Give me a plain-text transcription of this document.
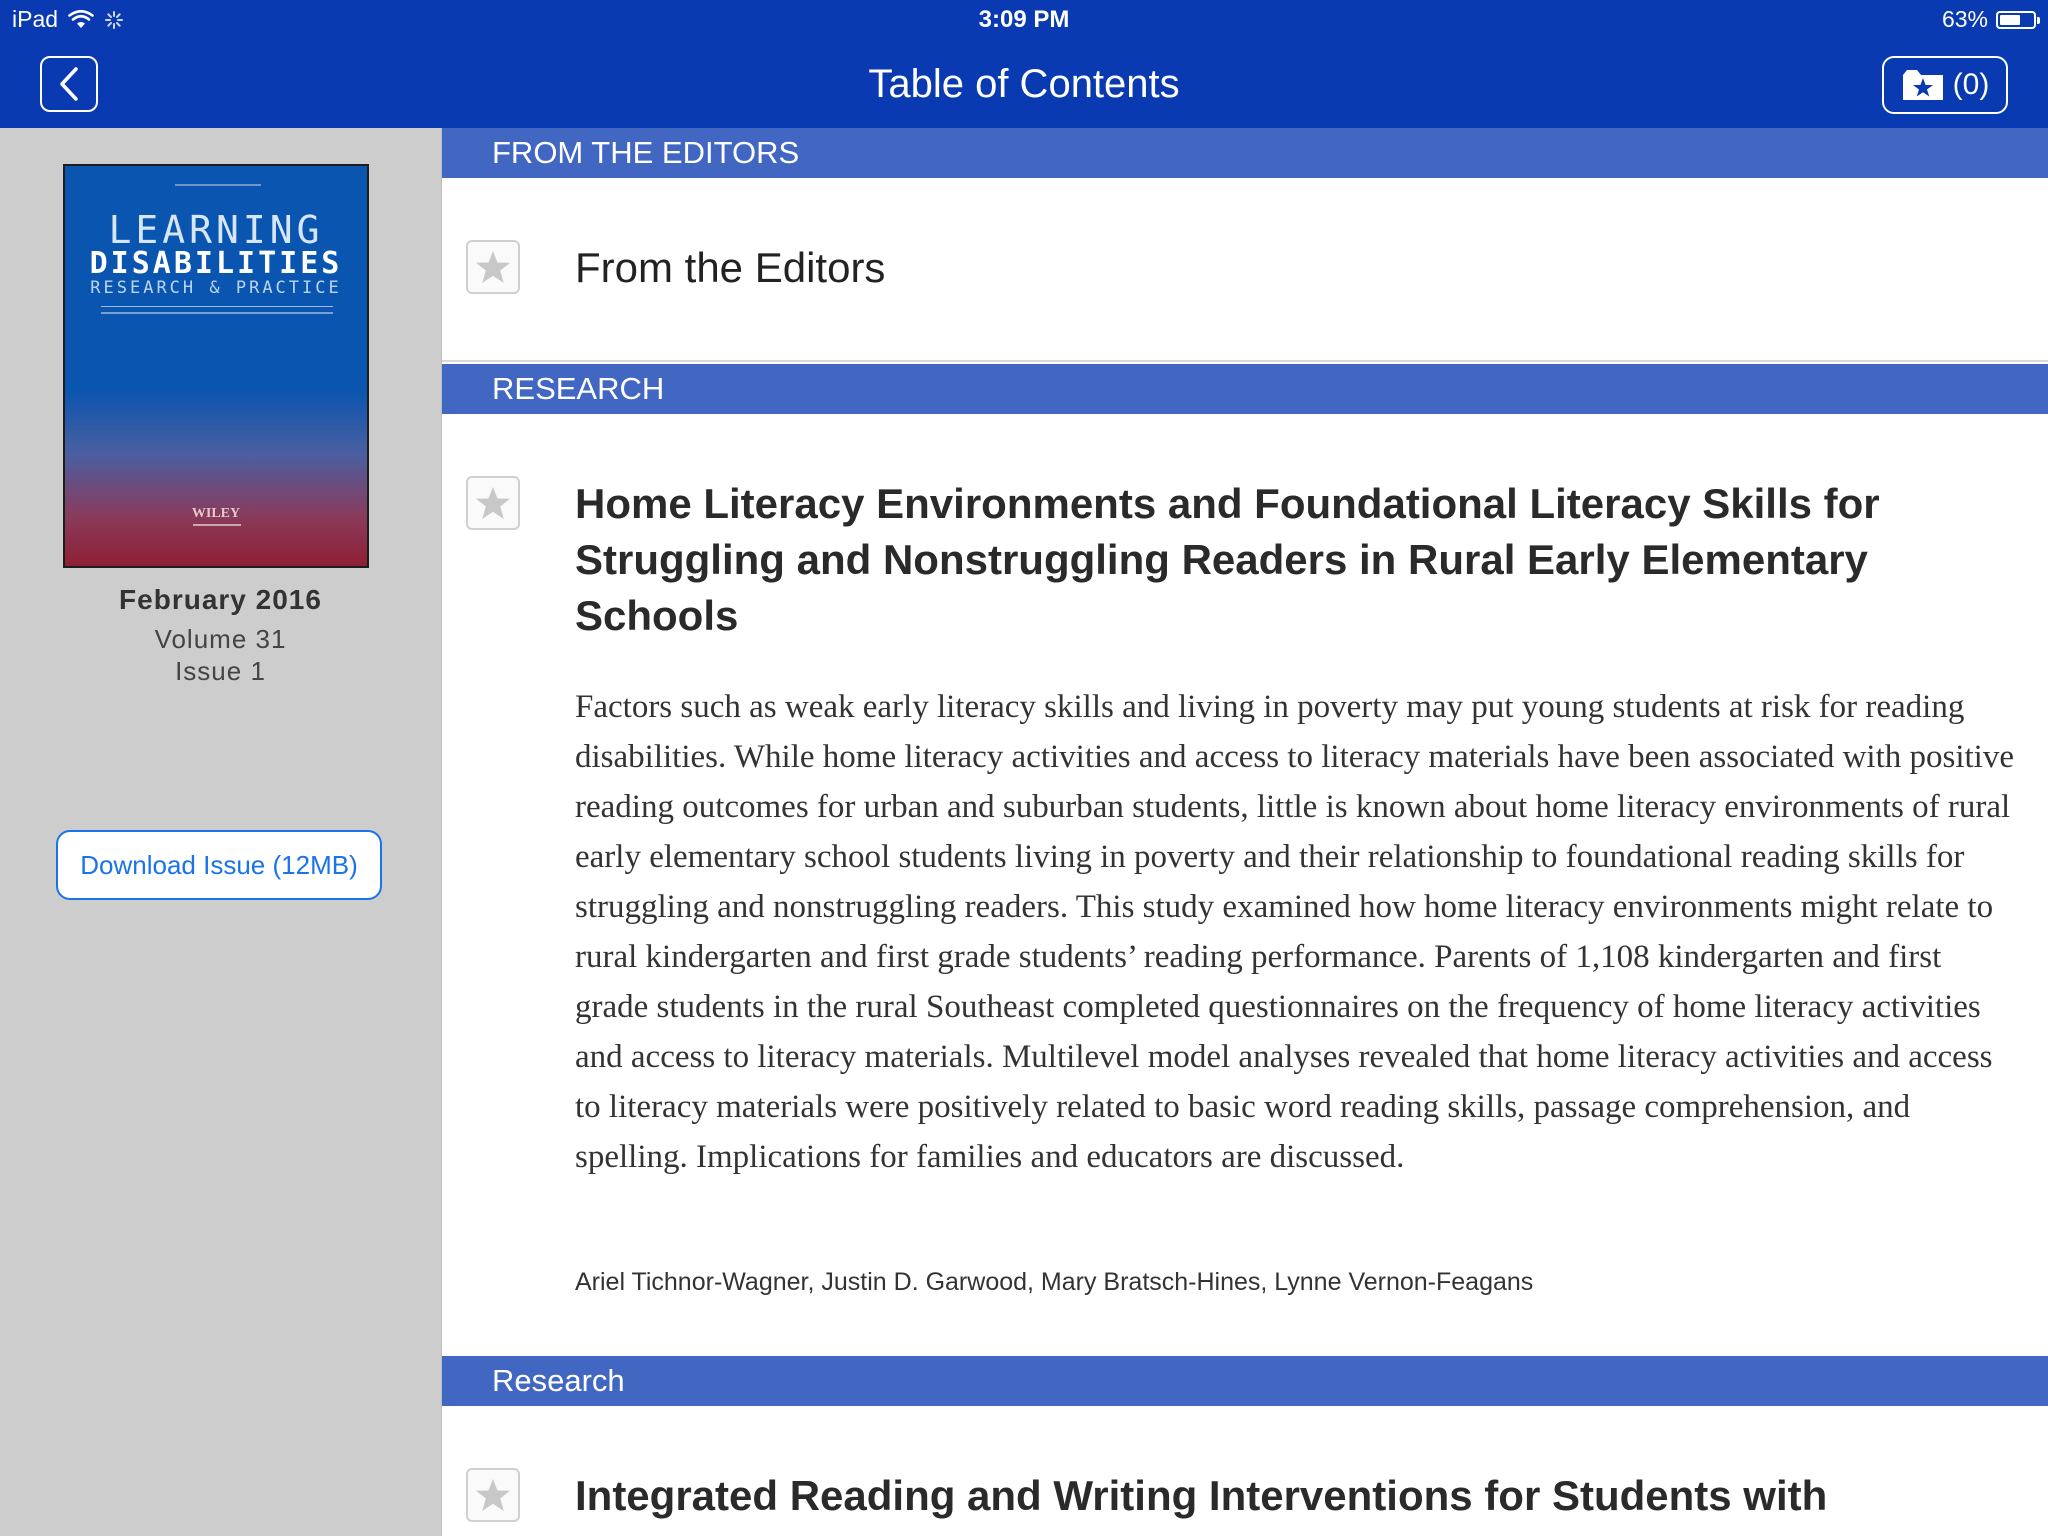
iPad	3:09 PM	63%
Table of Contents	(0)
LEARNING
DISABILITIES
RESEARCH & PRACTICE
WILEY
February 2016
Volume 31
Issue 1
Download Issue (12MB)
FROM THE EDITORS
From the Editors
RESEARCH
Home Literacy Environments and Foundational Literacy Skills for Struggling and Nonstruggling Readers in Rural Early Elementary Schools
Factors such as weak early literacy skills and living in poverty may put young students at risk for reading disabilities. While home literacy activities and access to literacy materials have been associated with positive reading outcomes for urban and suburban students, little is known about home literacy environments of rural early elementary school students living in poverty and their relationship to foundational reading skills for struggling and nonstruggling readers. This study examined how home literacy environments might relate to rural kindergarten and first grade students’ reading performance. Parents of 1,108 kindergarten and first grade students in the rural Southeast completed questionnaires on the frequency of home literacy activities and access to literacy materials. Multilevel model analyses revealed that home literacy activities and access to literacy materials were positively related to basic word reading skills, passage comprehension, and spelling. Implications for families and educators are discussed.
Ariel Tichnor-Wagner, Justin D. Garwood, Mary Bratsch-Hines, Lynne Vernon-Feagans
Research
Integrated Reading and Writing Interventions for Students with
